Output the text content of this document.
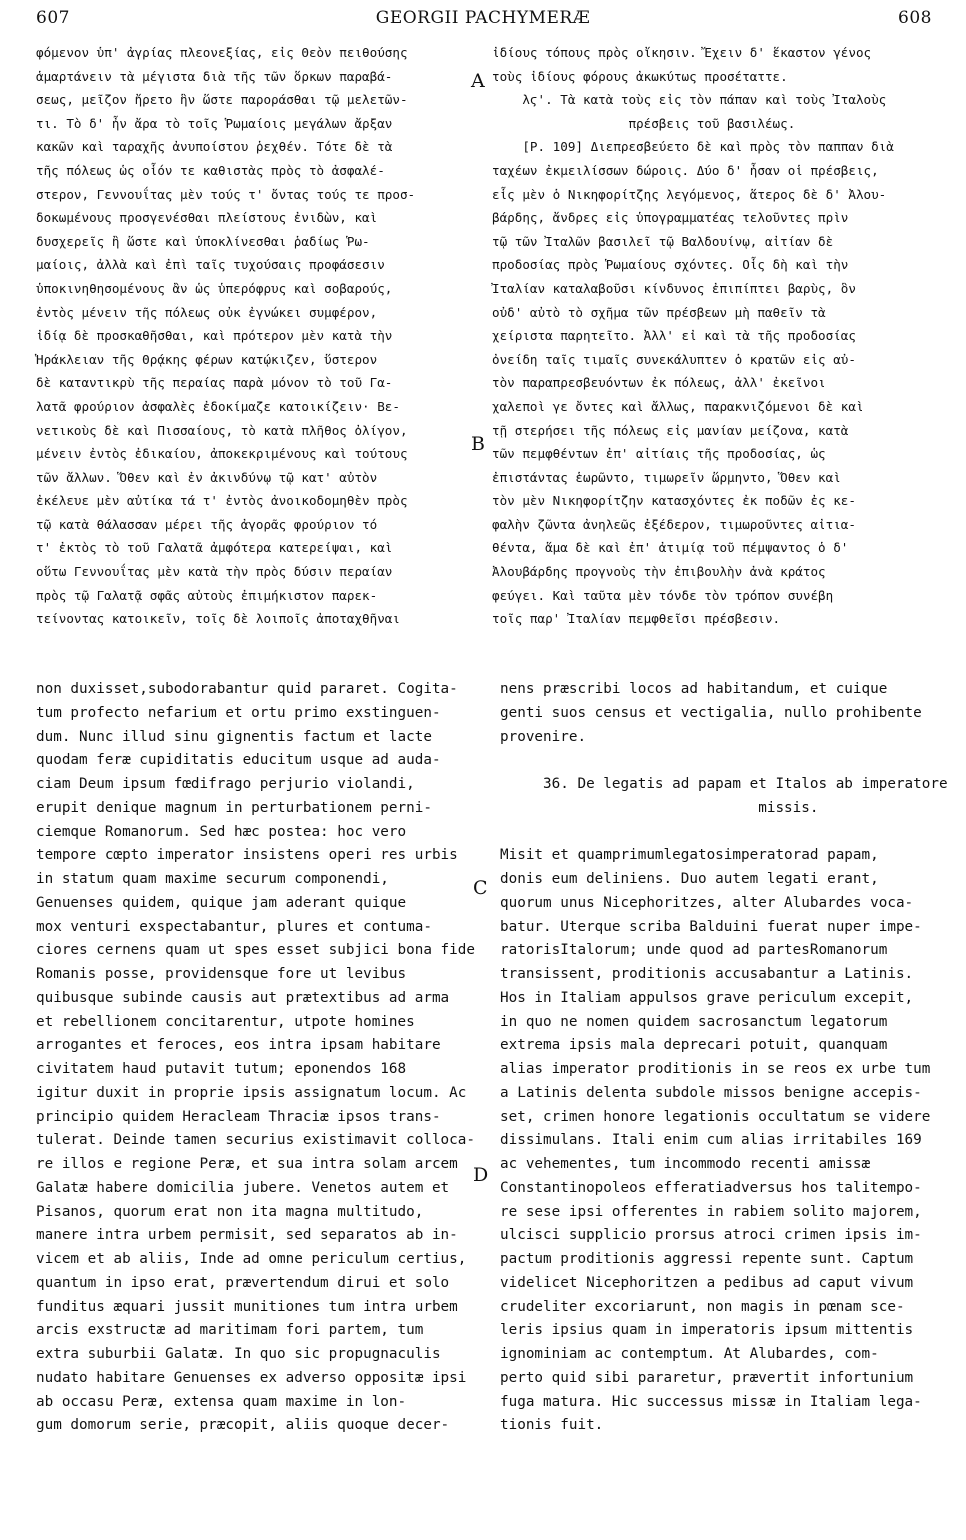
607	GEORGII PACHYMERÆ	608
φόμενον ὑπ' ἀγρίας πλεονεξίας, εἰς Θεὸν πειθούσης
ἁμαρτάνειν τὰ μέγιστα διὰ τῆς τῶν ὅρκων παραβά-
σεως, μεῖζον ἤρετο ἣν ὥστε παροράσθαι τῷ μελετῶν-
τι. Τὸ δ' ἦν ἄρα τὸ τοῖς Ῥωμαίοις μεγάλων ἄρξαν
κακῶν καὶ ταραχῆς ἀνυποίστου ῥεχθέν. Τότε δὲ τὰ
τῆς πόλεως ὡς οἷόν τε καθιστὰς πρὸς τὸ ἀσφαλέ-
στερον, Γεννουΐτας μὲν τούς τ' ὄντας τούς τε προσ-
δοκωμένους προσγενέσθαι πλείστους ἐνιδὼν, καὶ
δυσχερεῖς ἢ ὥστε καὶ ὑποκλίνεσθαι ῥαδίως Ῥω-
μαίοις, ἀλλὰ καὶ ἐπὶ ταῖς τυχούσαις προφάσεσιν
ὑποκινηθησομένους ἂν ὡς ὑπερόφρυς καὶ σοβαρούς,
ἐντὸς μένειν τῆς πόλεως οὐκ ἐγνώκει συμφέρον,
ἰδίᾳ δὲ προσκαθῆσθαι, καὶ πρότερον μὲν κατὰ τὴν
Ἡράκλειαν τῆς Θρᾴκης φέρων κατῴκιζεν, ὕστερον
δὲ καταντικρὺ τῆς περαίας παρὰ μόνον τὸ τοῦ Γα-
λατᾶ φρούριον ἀσφαλὲς ἐδοκίμαζε κατοικίζειν· Βε-
νετικοὺς δὲ καὶ Πισσαίους, τὸ κατὰ πλῆθος ὀλίγον,
μένειν ἐντὸς ἐδικαίου, ἀποκεκριμένους καὶ τούτους
τῶν ἄλλων. Ὅθεν καὶ ἐν ἀκινδύνῳ τῷ κατ' αὐτὸν
ἐκέλευε μὲν αὐτίκα τά τ' ἐντὸς ἀνοικοδομηθὲν πρὸς
τῷ κατὰ θάλασσαν μέρει τῆς ἀγορᾶς φρούριον τό
τ' ἐκτὸς τὸ τοῦ Γαλατᾶ ἀμφότερα κατερείψαι, καὶ
οὕτω Γεννουΐτας μὲν κατὰ τὴν πρὸς δύσιν περαίαν
πρὸς τῷ Γαλατᾷ σφᾶς αὐτοὺς ἐπιμήκιστον παρεκ-
τείνοντας κατοικεῖν, τοῖς δὲ λοιποῖς ἀποταχθῆναι
ἰδίους τόπους πρὸς οἴκησιν. Ἔχειν δ' ἕκαστον γένος
τοὺς ἰδίους φόρους ἀκωκύτως προσέταττε.
λϛ'. Τὰ κατὰ τοὺς εἰς τὸν πάπαν καὶ τοὺς Ἰταλοὺς
πρέσβεις τοῦ βασιλέως.
[P. 109] Διεπρεσβεύετο δὲ καὶ πρὸς τὸν παππαν διὰ
ταχέων ἐκμειλίσσων δώροις. Δύο δ' ἦσαν οἱ πρέσβεις,
εἷς μὲν ὁ Νικηφορίτζης λεγόμενος, ἅτερος δὲ δ' Ἀλου-
βάρδης, ἄνδρες εἰς ὑπογραμματέας τελοῦντες πρὶν
τῷ τῶν Ἰταλῶν βασιλεῖ τῷ Βαλδουίνῳ, αἰτίαν δὲ
προδοσίας πρὸς Ῥωμαίους σχόντες. Οἷς δὴ καὶ τὴν
Ἰταλίαν καταλαβοῦσι κίνδυνος ἐπιπίπτει βαρὺς, ὃν
οὐδ' αὐτὸ τὸ σχῆμα τῶν πρέσβεων μὴ παθεῖν τὰ
χείριστα παρητεῖτο. Ἀλλ' εἰ καὶ τὰ τῆς προδοσίας
ὀνείδη ταῖς τιμαῖς συνεκάλυπτεν ὁ κρατῶν εἰς αὐ-
τὸν παραπρεσβευόντων ἐκ πόλεως, ἀλλ' ἐκεῖνοι
χαλεποὶ γε ὄντες καὶ ἄλλως, παρακνιζόμενοι δὲ καὶ
τῇ στερήσει τῆς πόλεως εἰς μανίαν μείζονα, κατὰ
τῶν πεμφθέντων ἐπ' αἰτίαις τῆς προδοσίας, ὡς
ἐπιστάντας ἑωρῶντο, τιμωρεῖν ὥρμηντο, Ὅθεν καὶ
τὸν μὲν Νικηφορίτζην κατασχόντες ἐκ ποδῶν ἐς κε-
φαλὴν ζῶντα ἀνηλεῶς ἐξέδερον, τιμωροῦντες αἰτια-
θέντα, ἅμα δὲ καὶ ἐπ' ἀτιμίᾳ τοῦ πέμψαντος ὁ δ'
Ἀλουβάρδης προγνοὺς τὴν ἐπιβουλὴν ἀνὰ κράτος
φεύγει. Καὶ ταῦτα μὲν τόνδε τὸν τρόπον συνέβη
τοῖς παρ' Ἰταλίαν πεμφθεῖσι πρέσβεσιν.
A
B
non duxisset,subodorabantur quid pararet. Cogita-
tum profecto nefarium et ortu primo exstinguen-
dum. Nunc illud sinu gignentis factum et lacte
quodam feræ cupiditatis educitum usque ad auda-
ciam Deum ipsum fœdifrago perjurio violandi,
erupit denique magnum in perturbationem perni-
ciemque Romanorum. Sed hæc postea: hoc vero
tempore cœpto imperator insistens operi res urbis
in statum quam maxime securum componendi,
Genuenses quidem, quique jam aderant quique
mox venturi exspectabantur, plures et contuma-
ciores cernens quam ut spes esset subjici bona fide
Romanis posse, providensque fore ut levibus
quibusque subinde causis aut prætextibus ad arma
et rebellionem concitarentur, utpote homines
arrogantes et feroces, eos intra ipsam habitare
civitatem haud putavit tutum; eponendos 168
igitur duxit in proprie ipsis assignatum locum. Ac
principio quidem Heracleam Thraciæ ipsos trans-
tulerat. Deinde tamen securius existimavit colloca-
re illos e regione Peræ, et sua intra solam arcem
Galatæ habere domicilia jubere. Venetos autem et
Pisanos, quorum erat non ita magna multitudo,
manere intra urbem permisit, sed separatos ab in-
vicem et ab aliis, Inde ad omne periculum certius,
quantum in ipso erat, prævertendum dirui et solo
funditus æquari jussit munitiones tum intra urbem
arcis exstructæ ad maritimam fori partem, tum
extra suburbii Galatæ. In quo sic propugnaculis
nudato habitare Genuenses ex adverso oppositæ ipsi
ab occasu Peræ, extensa quam maxime in lon-
gum domorum serie, præcopit, aliis quoque decer-
nens præscribi locos ad habitandum, et cuique
genti suos census et vectigalia, nullo prohibente
provenire.

36. De legatis ad papam et Italos ab imperatore
missis.

Misit et quamprimumlegatosimperatorad papam,
donis eum deliniens. Duo autem legati erant,
quorum unus Nicephoritzes, alter Alubardes voca-
batur. Uterque scriba Balduini fuerat nuper impe-
ratorisItalorum; unde quod ad partesRomanorum
transissent, proditionis accusabantur a Latinis.
Hos in Italiam appulsos grave periculum excepit,
in quo ne nomen quidem sacrosanctum legatorum
extrema ipsis mala deprecari potuit, quanquam
alias imperator proditionis in se reos ex urbe tum
a Latinis delenta subdole missos benigne accepis-
set, crimen honore legationis occultatum se videre
dissimulans. Itali enim cum alias irritabiles 169
ac vehementes, tum incommodo recenti amissæ
Constantinopoleos efferatiadversus hos talitempo-
re sese ipsi offerentes in rabiem solito majorem,
ulcisci supplicio prorsus atroci crimen ipsis im-
pactum proditionis aggressi repente sunt. Captum
videlicet Nicephoritzen a pedibus ad caput vivum
crudeliter excoriarunt, non magis in pœnam sce-
leris ipsius quam in imperatoris ipsum mittentis
ignominiam ac contemptum. At Alubardes, com-
perto quid sibi pararetur, prævertit infortunium
fuga matura. Hic successus missæ in Italiam lega-
tionis fuit.
C
D
